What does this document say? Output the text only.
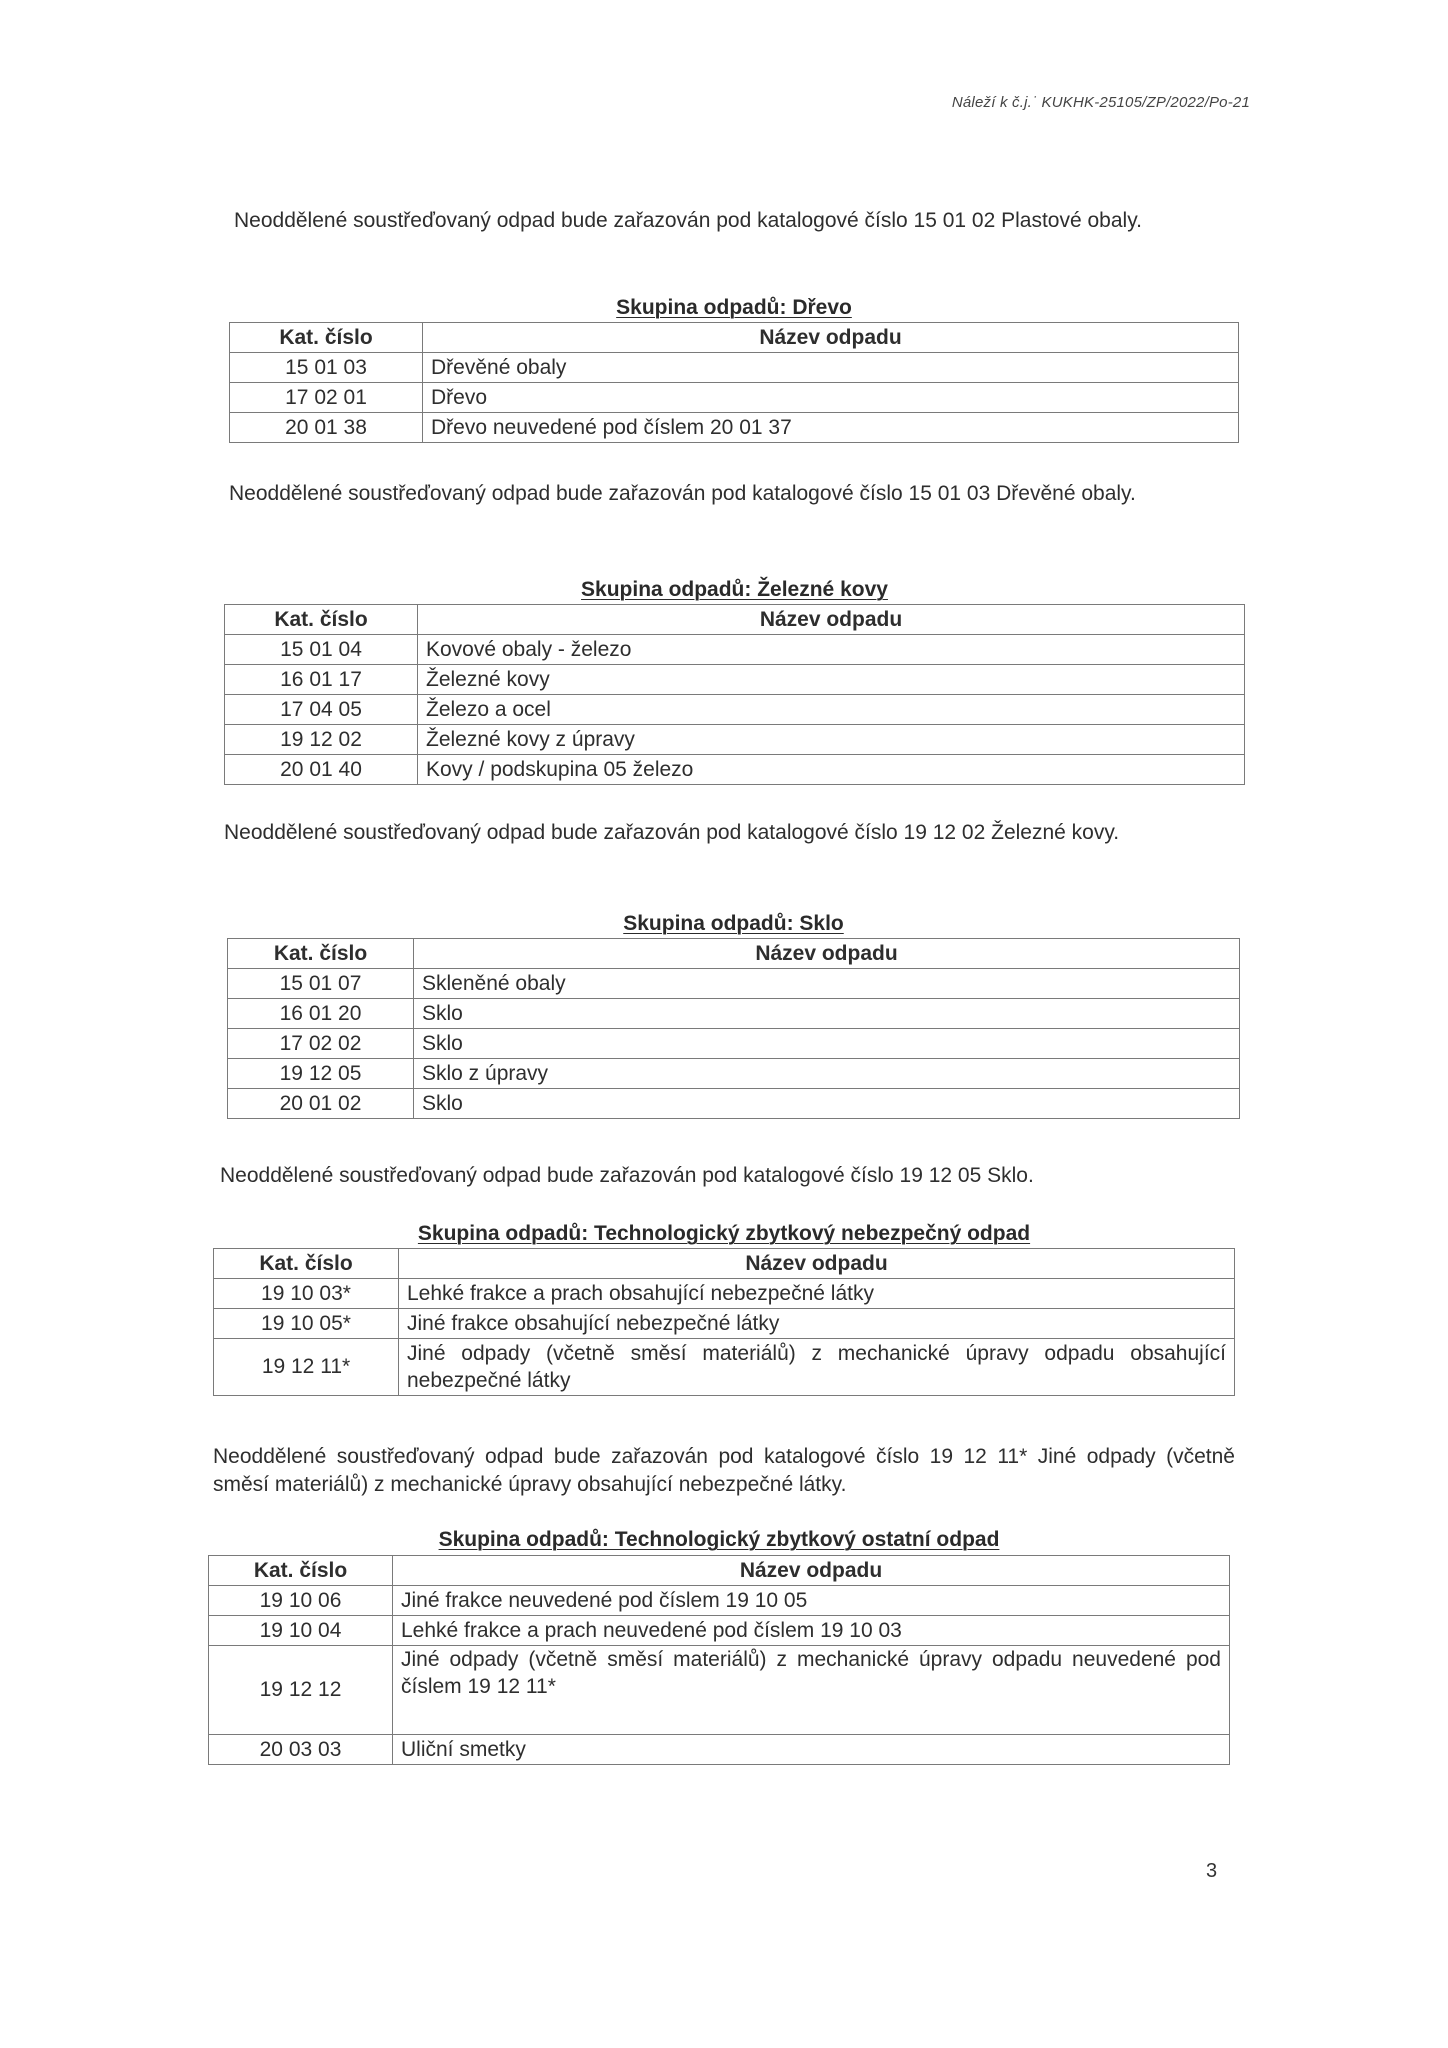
Náleží k č.j.˙ KUKHK-25105/ZP/2022/Po-21
Neoddělené soustřeďovaný odpad bude zařazován pod katalogové číslo 15 01 02 Plastové obaly.
Skupina odpadů: Dřevo
Kat. číslo	Název odpadu
15 01 03	Dřevěné obaly
17 02 01	Dřevo
20 01 38	Dřevo neuvedené pod číslem 20 01 37
Neoddělené soustřeďovaný odpad bude zařazován pod katalogové číslo 15 01 03 Dřevěné obaly.
Skupina odpadů: Železné kovy
Kat. číslo	Název odpadu
15 01 04	Kovové obaly - železo
16 01 17	Železné kovy
17 04 05	Železo a ocel
19 12 02	Železné kovy z úpravy
20 01 40	Kovy / podskupina 05 železo
Neoddělené soustřeďovaný odpad bude zařazován pod katalogové číslo 19 12 02 Železné kovy.
Skupina odpadů: Sklo
Kat. číslo	Název odpadu
15 01 07	Skleněné obaly
16 01 20	Sklo
17 02 02	Sklo
19 12 05	Sklo z úpravy
20 01 02	Sklo
Neoddělené soustřeďovaný odpad bude zařazován pod katalogové číslo 19 12 05 Sklo.
Skupina odpadů: Technologický zbytkový nebezpečný odpad
Kat. číslo	Název odpadu
19 10 03*	Lehké frakce a prach obsahující nebezpečné látky
19 10 05*	Jiné frakce obsahující nebezpečné látky
19 12 11*	Jiné odpady (včetně směsí materiálů) z mechanické úpravy odpadu obsahující nebezpečné látky
Neoddělené soustřeďovaný odpad bude zařazován pod katalogové číslo 19 12 11* Jiné odpady (včetně směsí materiálů) z mechanické úpravy obsahující nebezpečné látky.
Skupina odpadů: Technologický zbytkový ostatní odpad
Kat. číslo	Název odpadu
19 10 06	Jiné frakce neuvedené pod číslem 19 10 05
19 10 04	Lehké frakce a prach neuvedené pod číslem 19 10 03
19 12 12	Jiné odpady (včetně směsí materiálů) z mechanické úpravy odpadu neuvedené pod číslem 19 12 11*
20 03 03	Uliční smetky
3
